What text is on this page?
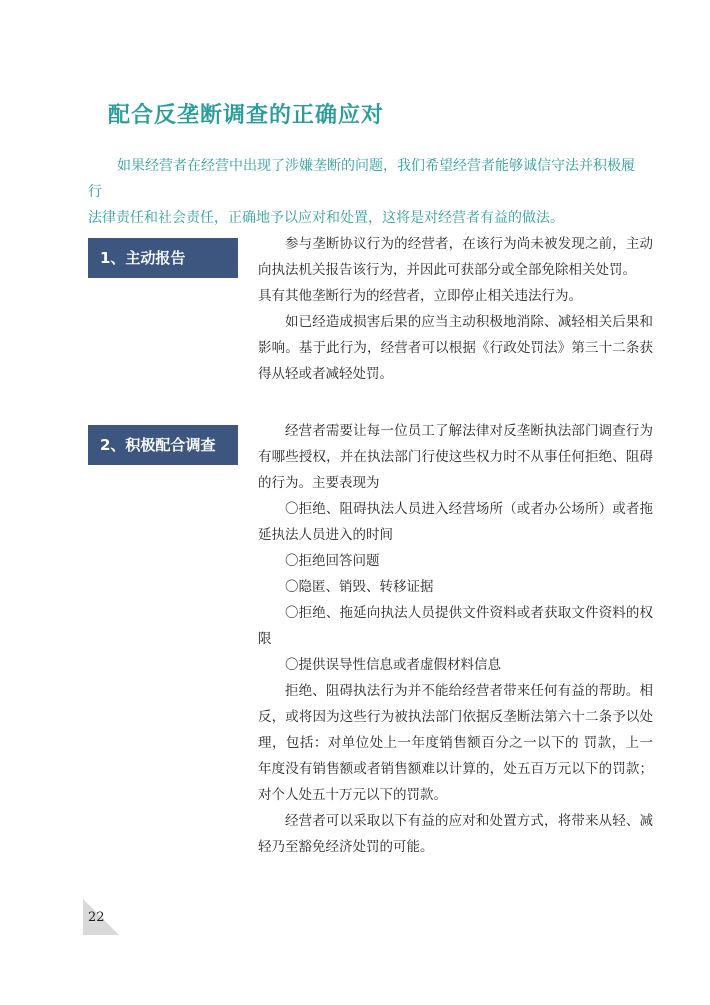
配合反垄断调查的正确应对

如果经营者在经营中出现了涉嫌垄断的问题，我们希望经营者能够诚信守法并积极履行

法律责任和社会责任，正确地予以应对和处置，这将是对经营者有益的做法。

1、主动报告

参与垄断协议行为的经营者，在该行为尚未被发现之前，主动向执法机关报告该行为，并因此可获部分或全部免除相关处罚。

具有其他垄断行为的经营者，立即停止相关违法行为。

如已经造成损害后果的应当主动积极地消除、减轻相关后果和影响。基于此行为，经营者可以根据《行政处罚法》第三十二条获得从轻或者减轻处罚。

2、积极配合调查

经营者需要让每一位员工了解法律对反垄断执法部门调查行为有哪些授权，并在执法部门行使这些权力时不从事任何拒绝、阻碍的行为。主要表现为

〇拒绝、阻碍执法人员进入经营场所（或者办公场所）或者拖延执法人员进入的时间

〇拒绝回答问题

〇隐匿、销毁、转移证据

〇拒绝、拖延向执法人员提供文件资料或者获取文件资料的权限

〇提供误导性信息或者虚假材料信息

拒绝、阻碍执法行为并不能给经营者带来任何有益的帮助。相反，或将因为这些行为被执法部门依据反垄断法第六十二条予以处理，包括：对单位处上一年度销售额百分之一以下的 罚款，上一年度没有销售额或者销售额难以计算的，处五百万元以下的罚款；对个人处五十万元以下的罚款。

经营者可以采取以下有益的应对和处置方式，将带来从轻、减轻乃至豁免经济处罚的可能。

22
